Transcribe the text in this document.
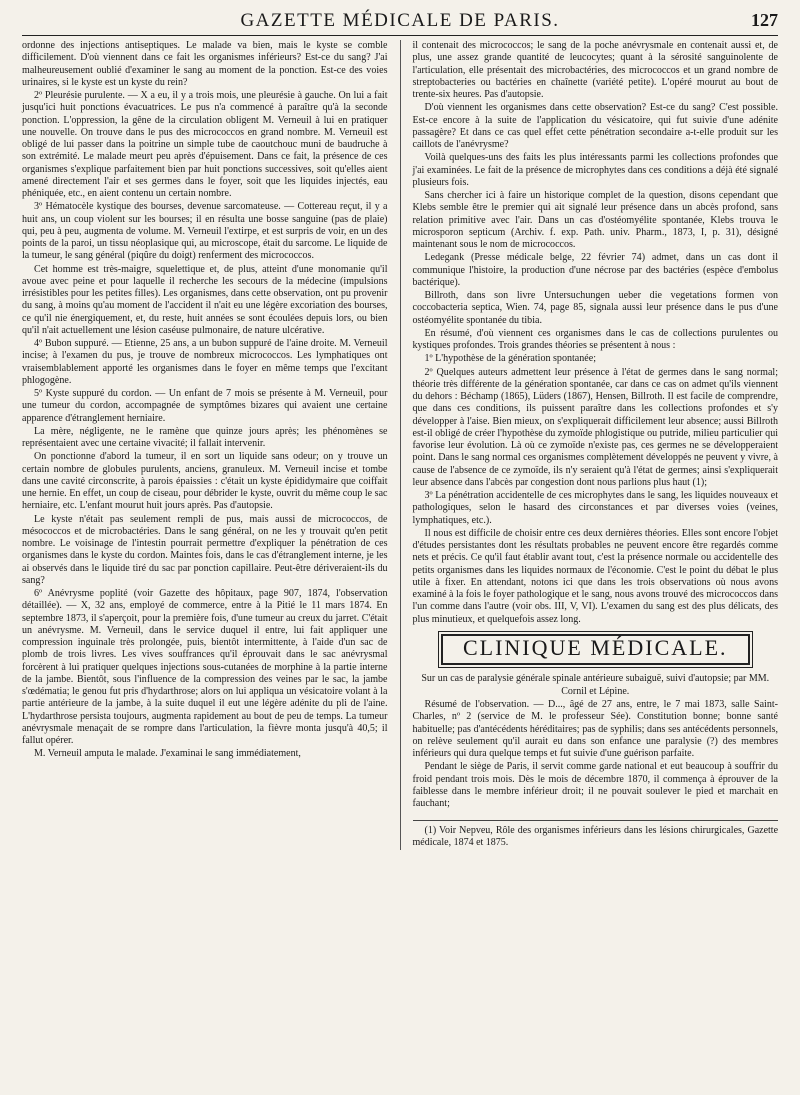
GAZETTE MÉDICALE DE PARIS.	127

ordonne des injections antiseptiques. Le malade va bien, mais le kyste se comble difficilement. D'où viennent dans ce fait les organismes inférieurs? Est-ce du sang? J'ai malheureusement oublié d'examiner le sang au moment de la ponction. Est-ce des voies urinaires, si le kyste est un kyste du rein?

2º Pleurésie purulente. — X a eu, il y a trois mois, une pleurésie à gauche. On lui a fait jusqu'ici huit ponctions évacuatrices. Le pus n'a commencé à paraître qu'à la seconde ponction. L'oppression, la gêne de la circulation obligent M. Verneuil à lui en pratiquer une nouvelle. On trouve dans le pus des micrococcos en grand nombre. M. Verneuil est obligé de lui passer dans la poitrine un simple tube de caoutchouc muni de baudruche à son extrémité. Le malade meurt peu après d'épuisement. Dans ce fait, la présence de ces organismes s'explique parfaitement bien par huit ponctions successives, soit qu'elles aient amené directement l'air et ses germes dans le foyer, soit que les liquides injectés, eau phéniquée, etc., en aient contenu un certain nombre.

3º Hématocèle kystique des bourses, devenue sarcomateuse. — Cottereau reçut, il y a huit ans, un coup violent sur les bourses; il en résulta une bosse sanguine (pas de plaie) qui, peu à peu, augmenta de volume. M. Verneuil l'extirpe, et est surpris de voir, en un des points de la paroi, un tissu néoplasique qui, au microscope, était du sarcome. Le liquide de la tumeur, le sang général (piqûre du doigt) renferment des micrococcos.

Cet homme est très-maigre, squelettique et, de plus, atteint d'une monomanie qu'il avoue avec peine et pour laquelle il recherche les secours de la médecine (impulsions irrésistibles pour les petites filles). Les organismes, dans cette observation, ont pu provenir du sang, à moins qu'au moment de l'accident il n'ait eu une légère excoriation des bourses, ce qu'il nie énergiquement, et, du reste, huit années se sont écoulées depuis lors, ou bien qu'il n'ait actuellement une lésion caséuse pulmonaire, de nature ulcérative.

4º Bubon suppuré. — Etienne, 25 ans, a un bubon suppuré de l'aine droite. M. Verneuil incise; à l'examen du pus, je trouve de nombreux micrococcos. Les lymphatiques ont vraisemblablement apporté les organismes dans le foyer en même temps que l'excitant phlogogène.

5º Kyste suppuré du cordon. — Un enfant de 7 mois se présente à M. Verneuil, pour une tumeur du cordon, accompagnée de symptômes bizares qui avaient une certaine apparence d'étranglement herniaire.

La mère, négligente, ne le ramène que quinze jours après; les phénomènes se représentaient avec une certaine vivacité; il fallait intervenir.

On ponctionne d'abord la tumeur, il en sort un liquide sans odeur; on y trouve un certain nombre de globules purulents, anciens, granuleux. M. Verneuil incise et tombe dans une cavité circonscrite, à parois épaissies : c'était un kyste épididymaire que coiffait une hernie. En effet, un coup de ciseau, pour débrider le kyste, ouvrit du même coup le sac herniaire, etc. L'enfant mourut huit jours après. Pas d'autopsie.

Le kyste n'était pas seulement rempli de pus, mais aussi de micrococcos, de mésococcos et de microbactéries. Dans le sang général, on ne les y trouvait qu'en petit nombre. Le voisinage de l'intestin pourrait permettre d'expliquer la pénétration de ces organismes dans le kyste du cordon. Maintes fois, dans le cas d'étranglement interne, je les ai observés dans le liquide tiré du sac par ponction capillaire. Peut-être dériveraient-ils du sang?

6º Anévrysme poplité (voir Gazette des hôpitaux, page 907, 1874, l'observation détaillée). — X, 32 ans, employé de commerce, entre à la Pitié le 11 mars 1874. En septembre 1873, il s'aperçoit, pour la première fois, d'une tumeur au creux du jarret. C'était un anévrysme. M. Verneuil, dans le service duquel il entre, lui fait appliquer une compression inguinale très prolongée, puis, bientôt intermittente, à l'aide d'un sac de plomb de trois livres. Les vives souffrances qu'il éprouvait dans le sac anévrysmal forcèrent à lui pratiquer quelques injections sous-cutanées de morphine à la partie interne de la jambe. Bientôt, sous l'influence de la compression des veines par le sac, la jambe s'œdématia; le genou fut pris d'hydarthrose; alors on lui appliqua un vésicatoire volant à la partie antérieure de la jambe, à la suite duquel il eut une légère adénite du pli de l'aine. L'hydarthrose persista toujours, augmenta rapidement au bout de peu de temps. La tumeur anévrysmale menaçait de se rompre dans l'articulation, la fièvre monta jusqu'à 40,5; il fallut opérer.

M. Verneuil amputa le malade. J'examinai le sang immédiatement,

il contenait des micrococcos; le sang de la poche anévrysmale en contenait aussi et, de plus, une assez grande quantité de leucocytes; quant à la sérosité sanguinolente de l'articulation, elle présentait des microbactéries, des micrococcos et un grand nombre de streptobacteries ou bactéries en chaînette (variété petite). L'opéré mourut au bout de trente-six heures. Pas d'autopsie.

D'où viennent les organismes dans cette observation? Est-ce du sang? C'est possible. Est-ce encore à la suite de l'application du vésicatoire, qui fut suivie d'une adénite passagère? Et dans ce cas quel effet cette pénétration secondaire a-t-elle produit sur les caillots de l'anévrysme?

Voilà quelques-uns des faits les plus intéressants parmi les collections profondes que j'ai examinées. Le fait de la présence de microphytes dans ces conditions a déjà été signalé plusieurs fois.

Sans chercher ici à faire un historique complet de la question, disons cependant que Klebs semble être le premier qui ait signalé leur présence dans un abcès profond, sans relation primitive avec l'air. Dans un cas d'ostéomyélite spontanée, Klebs trouva le microsporon septicum (Archiv. f. exp. Path. univ. Pharm., 1873, I, p. 31), désigné maintenant sous le nom de micrococcos.

Ledegank (Presse médicale belge, 22 février 74) admet, dans un cas dont il communique l'histoire, la production d'une nécrose par des bactéries (espèce d'embolus bactérique).

Billroth, dans son livre Untersuchungen ueber die vegetations formen von coccobacteria septica, Wien. 74, page 85, signala aussi leur présence dans le pus d'une ostéomyélite spontanée du tibia.

En résumé, d'où viennent ces organismes dans le cas de collections purulentes ou kystiques profondes. Trois grandes théories se présentent à nous :

1º L'hypothèse de la génération spontanée;

2º Quelques auteurs admettent leur présence à l'état de germes dans le sang normal; théorie très différente de la génération spontanée, car dans ce cas on admet qu'ils viennent du dehors : Béchamp (1865), Lüders (1867), Hensen, Billroth. Il est facile de comprendre, que dans ces conditions, ils puissent paraître dans les collections profondes et s'y développer à l'aise. Bien mieux, on s'expliquerait difficilement leur absence; aussi Billroth est-il obligé de créer l'hypothèse du zymoïde phlogistique ou putride, milieu particulier qui favorise leur évolution. Là où ce zymoïde n'existe pas, ces germes ne se développeraient point. Dans le sang normal ces organismes complètement développés ne peuvent y vivre, à cause de l'absence de ce zymoïde, ils n'y seraient qu'à l'état de germes; ainsi s'expliquerait leur absence dans l'abcès par congestion dont nous parlions plus haut (1);

3º La pénétration accidentelle de ces microphytes dans le sang, les liquides nouveaux et pathologiques, selon le hasard des circonstances et par diverses voies (veines, lymphatiques, etc.).

Il nous est difficile de choisir entre ces deux dernières théories. Elles sont encore l'objet d'études persistantes dont les résultats probables ne peuvent encore être regardés comme nets et précis. Ce qu'il faut établir avant tout, c'est la présence normale ou accidentelle des petits organismes dans les liquides normaux de l'économie. C'est le point du débat le plus utile à fixer. En attendant, notons ici que dans les trois observations où nous avons examiné à la fois le foyer pathologique et le sang, nous avons trouvé des micrococcos dans l'un comme dans l'autre (voir obs. III, V, VI). L'examen du sang est des plus délicats, des plus minutieux, et quelquefois assez long.

CLINIQUE MÉDICALE.

Sur un cas de paralysie générale spinale antérieure subaiguë, suivi d'autopsie; par MM. Cornil et Lépine.

Résumé de l'observation. — D..., âgé de 27 ans, entre, le 7 mai 1873, salle Saint-Charles, nº 2 (service de M. le professeur Sée). Constitution bonne; bonne santé habituelle; pas d'antécédents héréditaires; pas de syphilis; dans ses antécédents personnels, on relève seulement qu'il aurait eu dans son enfance une paralysie (?) des membres inférieurs qui dura quelque temps et fut suivie d'une guérison parfaite.

Pendant le siège de Paris, il servit comme garde national et eut beaucoup à souffrir du froid pendant trois mois. Dès le mois de décembre 1870, il commença à éprouver de la faiblesse dans le membre inférieur droit; il ne pouvait soulever le pied et marchait en fauchant;

(1) Voir Nepveu, Rôle des organismes inférieurs dans les lésions chirurgicales, Gazette médicale, 1874 et 1875.
